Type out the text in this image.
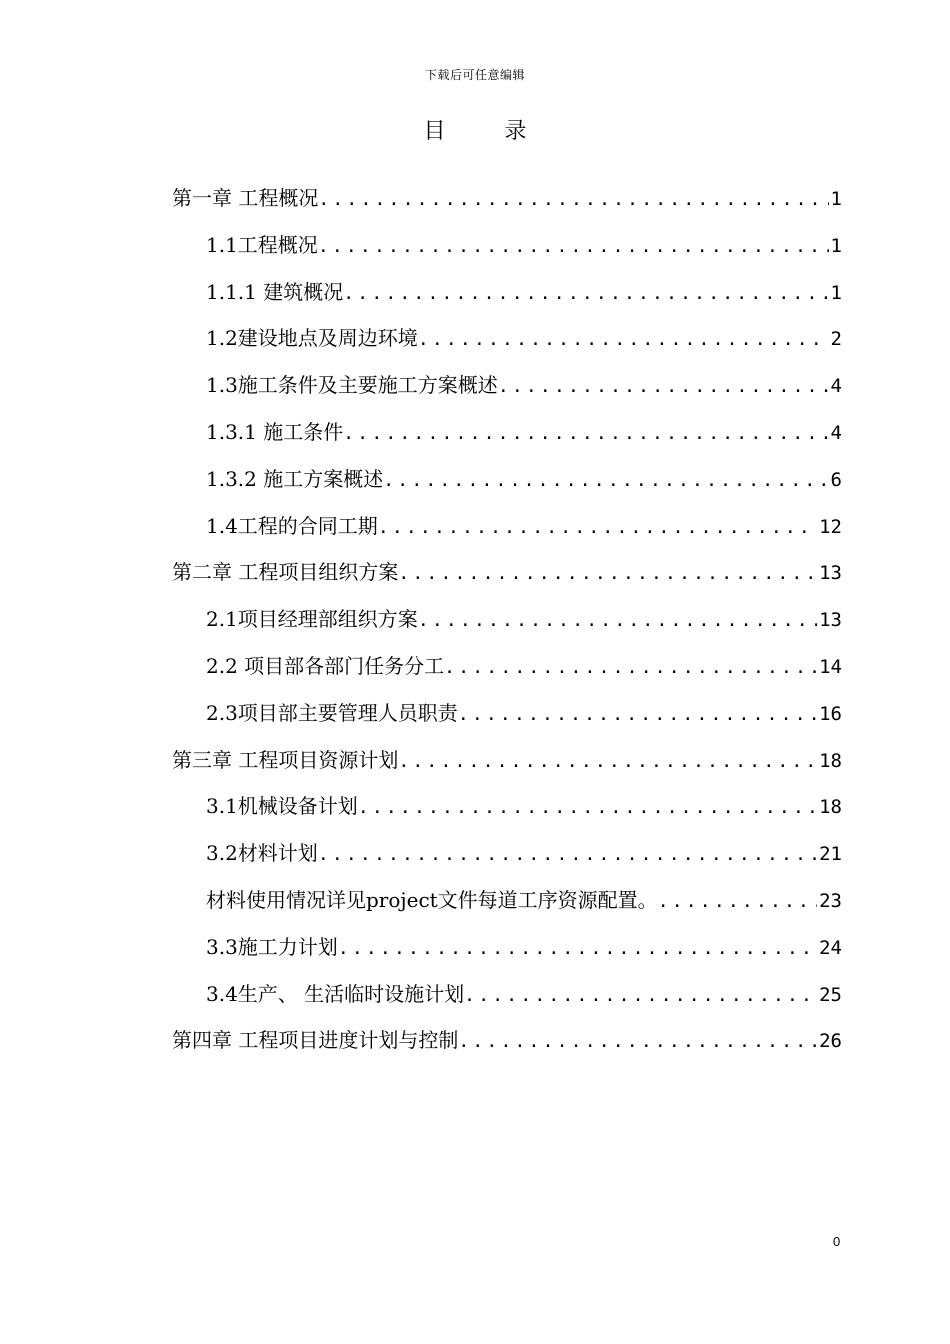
下载后可任意编辑
目 录
第一章 工程概况 .....	1
1.1工程概况 .....	1
1.1.1 建筑概况 .....	1
1.2建设地点及周边环境 .....	2
1.3施工条件及主要施工方案概述 .....	4
1.3.1 施工条件 .....	4
1.3.2 施工方案概述 .....	6
1.4工程的合同工期 .....	12
第二章 工程项目组织方案 .....	13
2.1项目经理部组织方案 .....	13
2.2 项目部各部门任务分工 .....	14
2.3项目部主要管理人员职责 .....	16
第三章 工程项目资源计划 .....	18
3.1机械设备计划 .....	18
3.2材料计划 .....	21
材料使用情况详见project文件每道工序资源配置。 .....	23
3.3施工力计划 .....	24
3.4生产、 生活临时设施计划 .....	25
第四章 工程项目进度计划与控制 .....	26
0
